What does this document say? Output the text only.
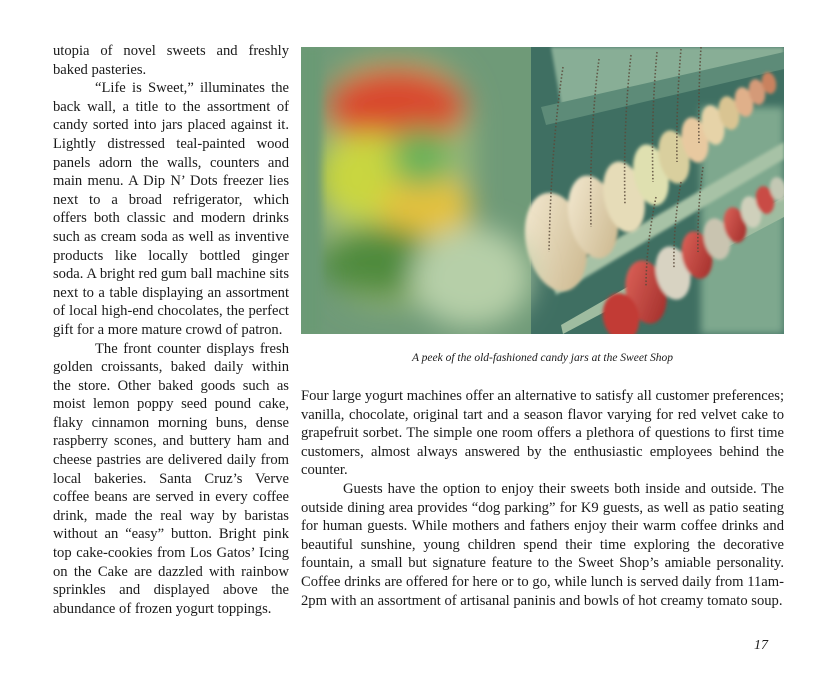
utopia of novel sweets and freshly baked pasteries.

“Life is Sweet,” illuminates the back wall, a title to the assortment of candy sorted into jars placed against it. Lightly distressed teal-painted wood panels adorn the walls, counters and main menu. A Dip N’ Dots freezer lies next to a broad refrigerator, which offers both classic and modern drinks such as cream soda as well as inventive products like locally bottled ginger soda. A bright red gum ball machine sits next to a table displaying an assortment of local high-end chocolates, the perfect gift for a more mature crowd of patron.

The front counter displays fresh golden croissants, baked daily within the store. Other baked goods such as moist lemon poppy seed pound cake, flaky cinnamon morning buns, dense raspberry scones, and buttery ham and cheese pastries are delivered daily from local bakeries. Santa Cruz’s Verve coffee beans are served in every coffee drink, made the real way by baristas without an “easy” button. Bright pink top cake-cookies from Los Gatos’ Icing on the Cake are dazzled with rainbow sprinkles and displayed above the abundance of frozen yogurt toppings.

A peek of the old-fashioned candy jars at the Sweet Shop

Four large yogurt machines offer an alternative to satisfy all customer preferences; vanilla, chocolate, original tart and a season flavor varying for red velvet cake to grapefruit sorbet. The simple one room offers a plethora of questions to first time customers, almost always answered by the enthusiastic employees behind the counter.

Guests have the option to enjoy their sweets both inside and outside. The outside dining area provides “dog parking” for K9 guests, as well as patio seating for human guests. While mothers and fathers enjoy their warm coffee drinks and beautiful sunshine, young children spend their time exploring the decorative fountain, a small but signature feature to the Sweet Shop’s amiable personality. Coffee drinks are offered for here or to go, while lunch is served daily from 11am-2pm with an assortment of artisanal paninis and bowls of hot creamy tomato soup.

17
